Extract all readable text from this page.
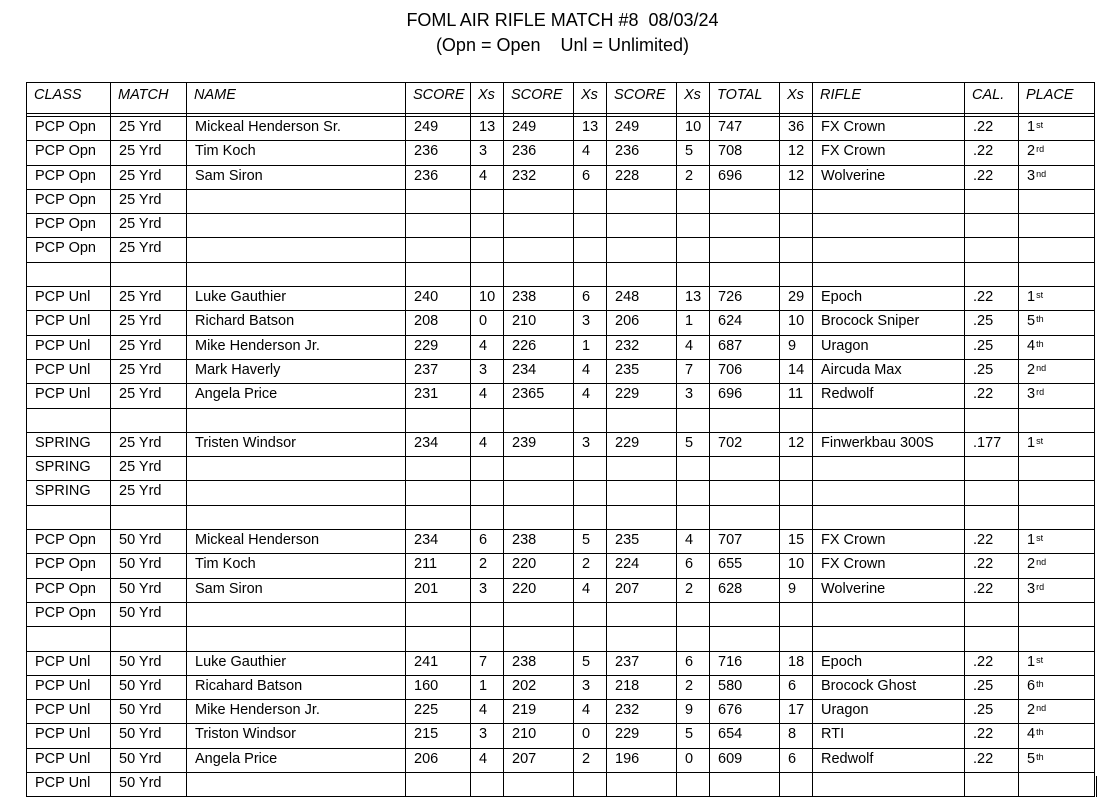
FOML AIR RIFLE MATCH #8  08/03/24
(Opn = Open    Unl = Unlimited)
CLASS	MATCH	NAME	SCORE	Xs	SCORE	Xs	SCORE	Xs	TOTAL	Xs	RIFLE	CAL.	PLACE

PCP Opn	25 Yrd	Mickeal Henderson Sr.	249	13	249	13	249	10	747	36	FX Crown	.22	1st
PCP Opn	25 Yrd	Tim Koch	236	3	236	4	236	5	708	12	FX Crown	.22	2rd
PCP Opn	25 Yrd	Sam Siron	236	4	232	6	228	2	696	12	Wolverine	.22	3nd
PCP Opn	25 Yrd												
PCP Opn	25 Yrd												
PCP Opn	25 Yrd												

PCP Unl	25 Yrd	Luke Gauthier	240	10	238	6	248	13	726	29	Epoch	.22	1st
PCP Unl	25 Yrd	Richard Batson	208	0	210	3	206	1	624	10	Brocock Sniper	.25	5th
PCP Unl	25 Yrd	Mike Henderson Jr.	229	4	226	1	232	4	687	9	Uragon	.25	4th
PCP Unl	25 Yrd	Mark Haverly	237	3	234	4	235	7	706	14	Aircuda Max	.25	2nd
PCP Unl	25 Yrd	Angela Price	231	4	2365	4	229	3	696	11	Redwolf	.22	3rd

SPRING	25 Yrd	Tristen Windsor	234	4	239	3	229	5	702	12	Finwerkbau 300S	.177	1st
SPRING	25 Yrd												
SPRING	25 Yrd												

PCP Opn	50 Yrd	Mickeal Henderson	234	6	238	5	235	4	707	15	FX Crown	.22	1st
PCP Opn	50 Yrd	Tim Koch	211	2	220	2	224	6	655	10	FX Crown	.22	2nd
PCP Opn	50 Yrd	Sam Siron	201	3	220	4	207	2	628	9	Wolverine	.22	3rd
PCP Opn	50 Yrd												

PCP Unl	50 Yrd	Luke Gauthier	241	7	238	5	237	6	716	18	Epoch	.22	1st
PCP Unl	50 Yrd	Ricahard Batson	160	1	202	3	218	2	580	6	Brocock Ghost	.25	6th
PCP Unl	50 Yrd	Mike Henderson Jr.	225	4	219	4	232	9	676	17	Uragon	.25	2nd
PCP Unl	50 Yrd	Triston Windsor	215	3	210	0	229	5	654	8	RTI	.22	4th
PCP Unl	50 Yrd	Angela Price	206	4	207	2	196	0	609	6	Redwolf	.22	5th
PCP Unl	50 Yrd												
